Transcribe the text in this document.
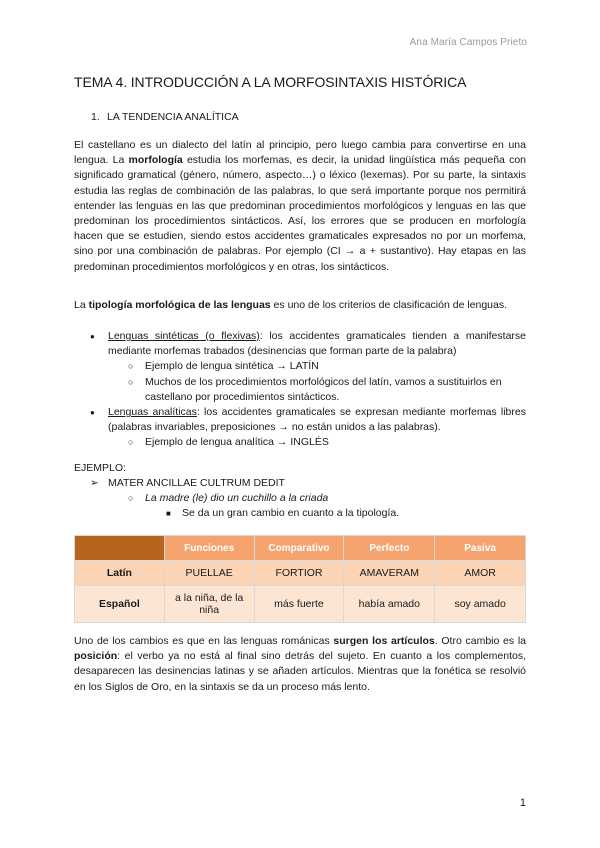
Ana María Campos Prieto
TEMA 4. INTRODUCCIÓN A LA MORFOSINTAXIS HISTÓRICA
1. LA TENDENCIA ANALÍTICA
El castellano es un dialecto del latín al principio, pero luego cambia para convertirse en una lengua. La morfología estudia los morfemas, es decir, la unidad lingüística más pequeña con significado gramatical (género, número, aspecto…) o léxico (lexemas). Por su parte, la sintaxis estudia las reglas de combinación de las palabras, lo que será importante porque nos permitirá entender las lenguas en las que predominan procedimientos morfológicos y lenguas en las que predominan los procedimientos sintácticos. Así, los errores que se producen en morfología hacen que se estudien, siendo estos accidentes gramaticales expresados no por un morfema, sino por una combinación de palabras. Por ejemplo (CI → a + sustantivo). Hay etapas en las predominan procedimientos morfológicos y en otras, los sintácticos.
La tipología morfológica de las lenguas es uno de los criterios de clasificación de lenguas.
● Lenguas sintéticas (o flexivas): los accidentes gramaticales tienden a manifestarse mediante morfemas trabados (desinencias que forman parte de la palabra)
○ Ejemplo de lengua sintética → LATÍN
○ Muchos de los procedimientos morfológicos del latín, vamos a sustituirlos en castellano por procedimientos sintácticos.
● Lenguas analíticas: los accidentes gramaticales se expresan mediante morfemas libres (palabras invariables, preposiciones → no están unidos a las palabras).
○ Ejemplo de lengua analítica → INGLÉS
EJEMPLO:
➢ MATER ANCILLAE CULTRUM DEDIT
○ La madre (le) dio un cuchillo a la criada
■ Se da un gran cambio en cuanto a la tipología.
	Funciones	Comparativo	Perfecto	Pasiva
Latín	PUELLAE	FORTIOR	AMAVERAM	AMOR
Español	a la niña, de la niña	más fuerte	había amado	soy amado
Uno de los cambios es que en las lenguas románicas surgen los artículos. Otro cambio es la posición: el verbo ya no está al final sino detrás del sujeto. En cuanto a los complementos, desaparecen las desinencias latinas y se añaden artículos. Mientras que la fonética se resolvió en los Siglos de Oro, en la sintaxis se da un proceso más lento.
1
